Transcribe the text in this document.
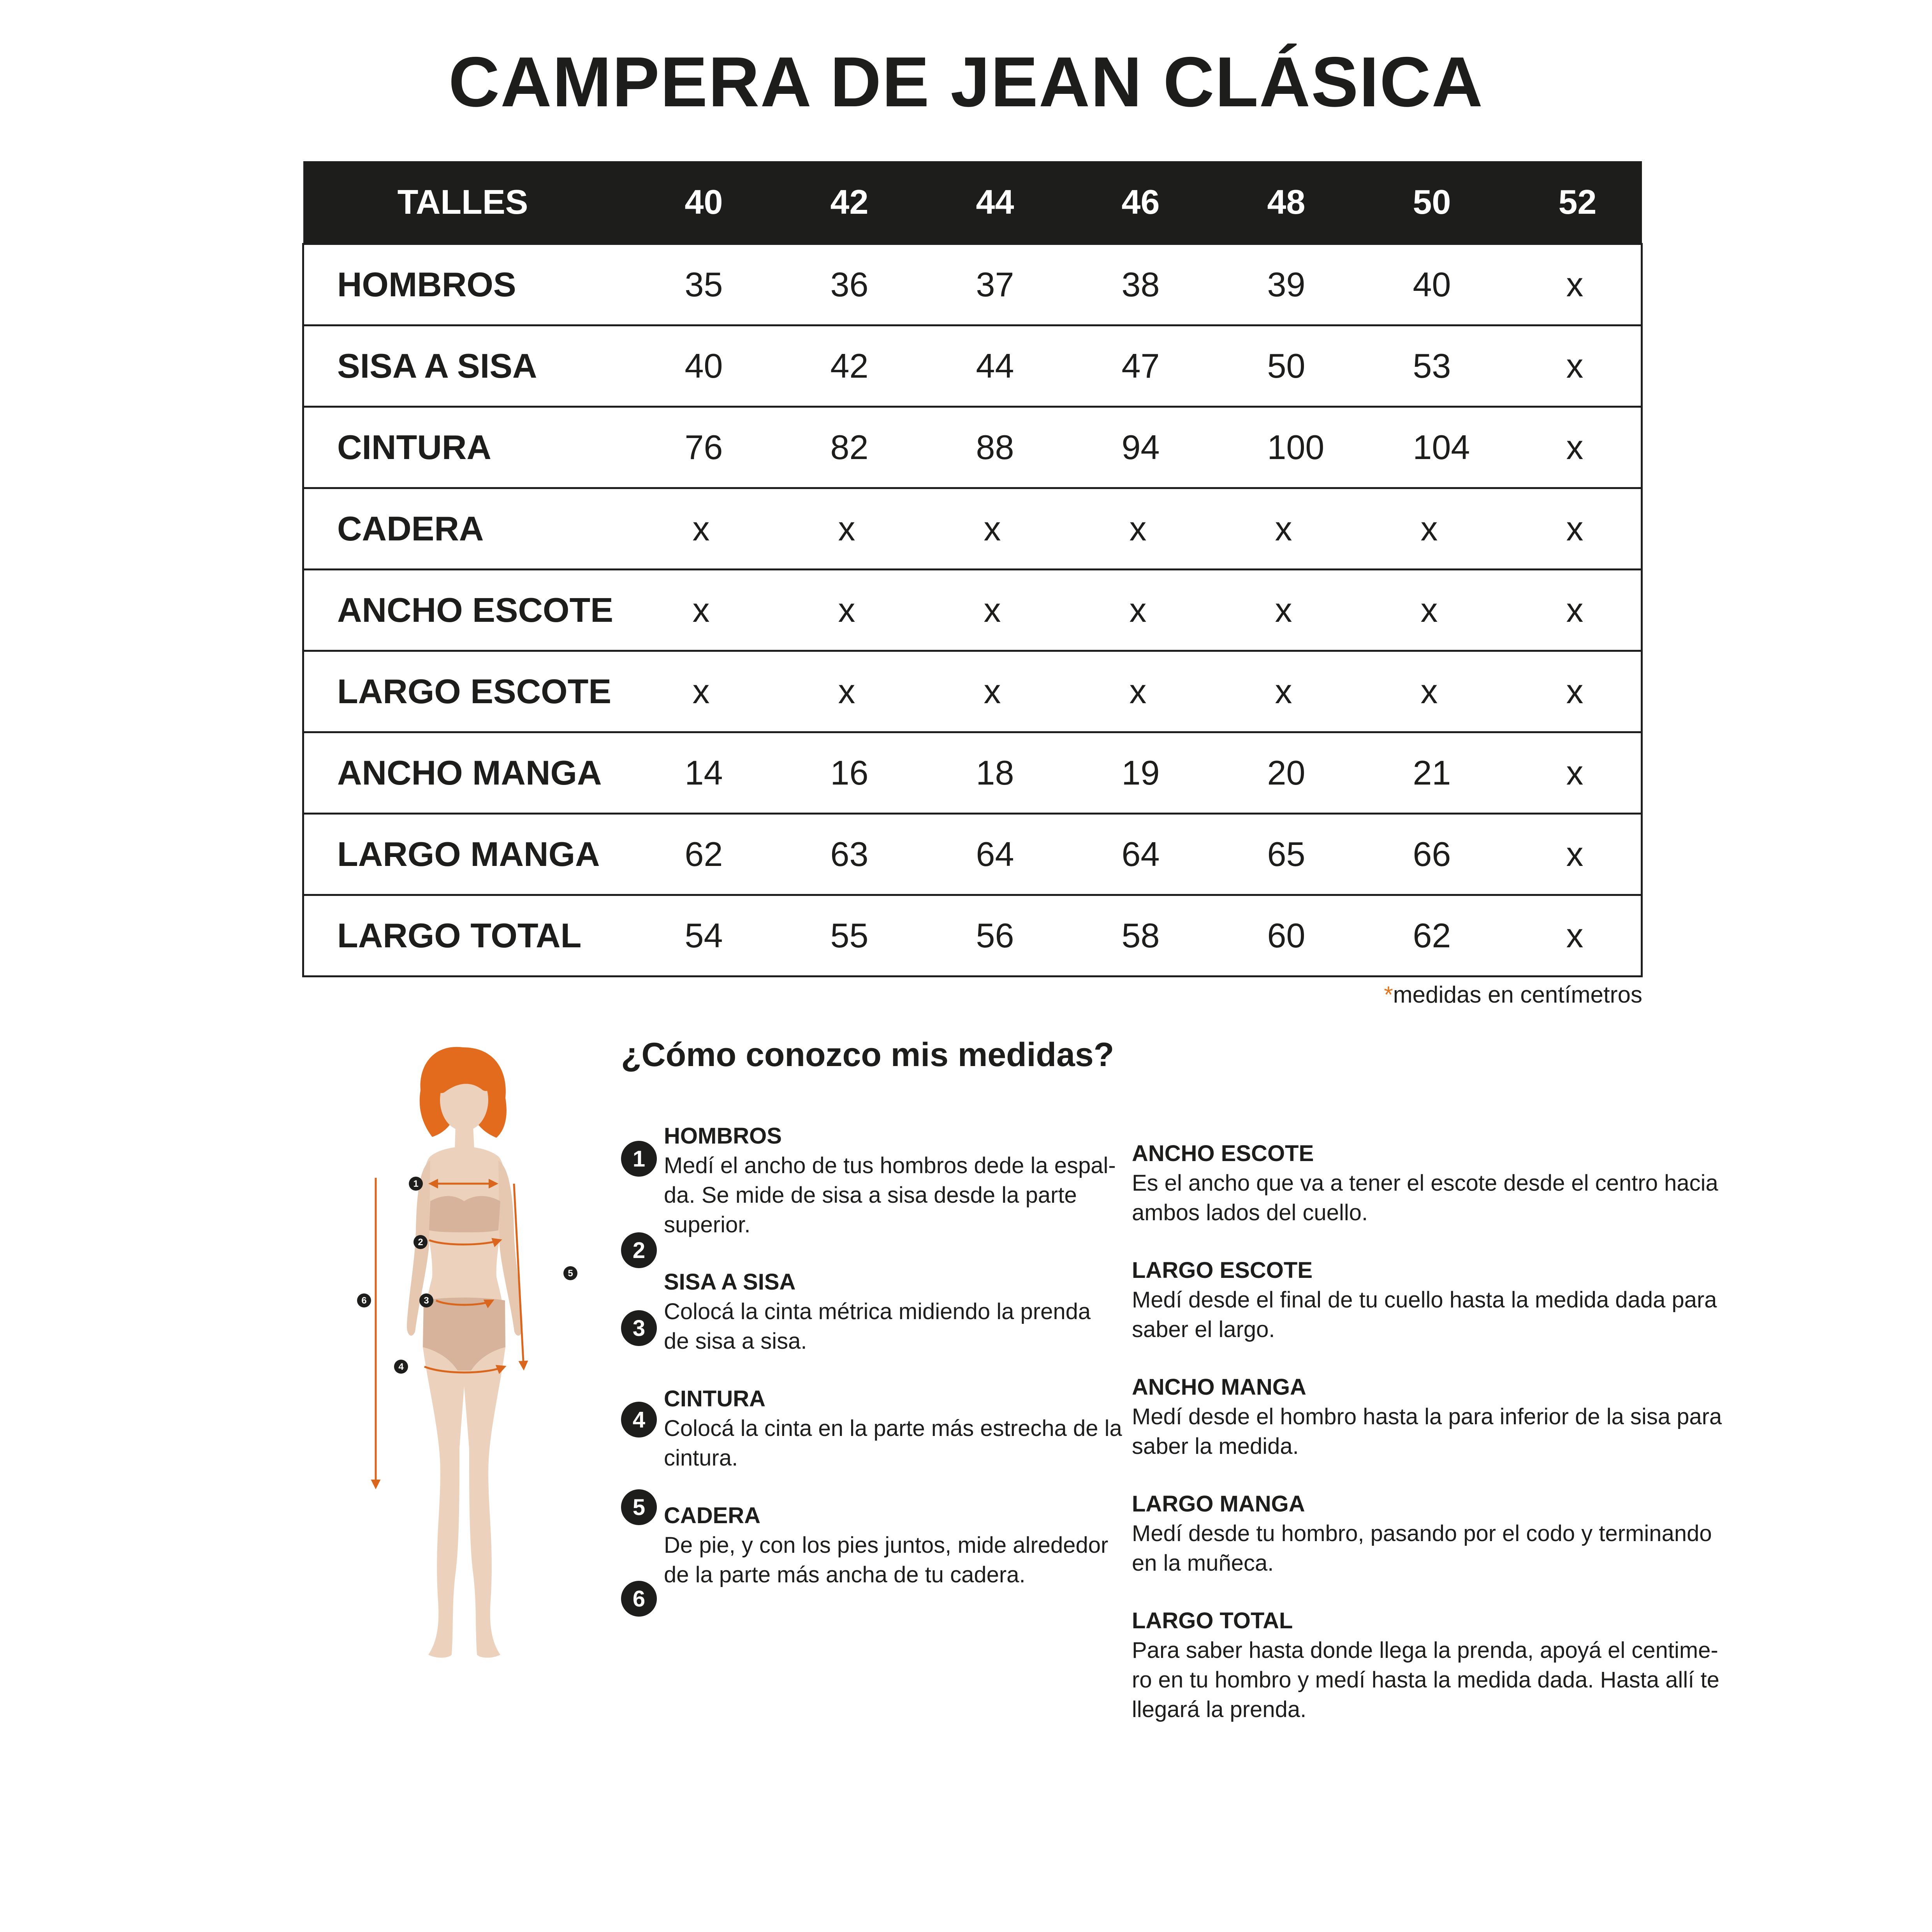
CAMPERA DE JEAN CLÁSICA
TALLES	40	42	44	46	48	50	52
HOMBROS	35	36	37	38	39	40	x
SISA A SISA	40	42	44	47	50	53	x
CINTURA	76	82	88	94	100	104	x
CADERA	x	x	x	x	x	x	x
ANCHO ESCOTE	x	x	x	x	x	x	x
LARGO ESCOTE	x	x	x	x	x	x	x
ANCHO MANGA	14	16	18	19	20	21	x
LARGO MANGA	62	63	64	64	65	66	x
LARGO TOTAL	54	55	56	58	60	62	x
*medidas en centímetros
¿Cómo conozco mis medidas?
1
2
3
4
5
6
1
2
3
4
5
6
HOMBROS
Medí el ancho de tus hombros dede la espal-
da. Se mide de sisa a sisa desde la parte
superior.
SISA A SISA
Colocá la cinta métrica midiendo la prenda
de sisa a sisa.
CINTURA
Colocá la cinta en la parte más estrecha de la
cintura.
CADERA
De pie, y con los pies juntos, mide alrededor
de la parte más ancha de tu cadera.
ANCHO ESCOTE
Es el ancho que va a tener el escote desde el centro hacia
ambos lados del cuello.
LARGO ESCOTE
Medí desde el final de tu cuello hasta la medida dada para
saber el largo.
ANCHO MANGA
Medí desde el hombro hasta la para inferior de la sisa para
saber la medida.
LARGO MANGA
Medí desde tu hombro, pasando por el codo y terminando
en la muñeca.
LARGO TOTAL
Para saber hasta donde llega la prenda, apoyá el centime-
ro en tu hombro y medí hasta la medida dada. Hasta allí te
llegará la prenda.
